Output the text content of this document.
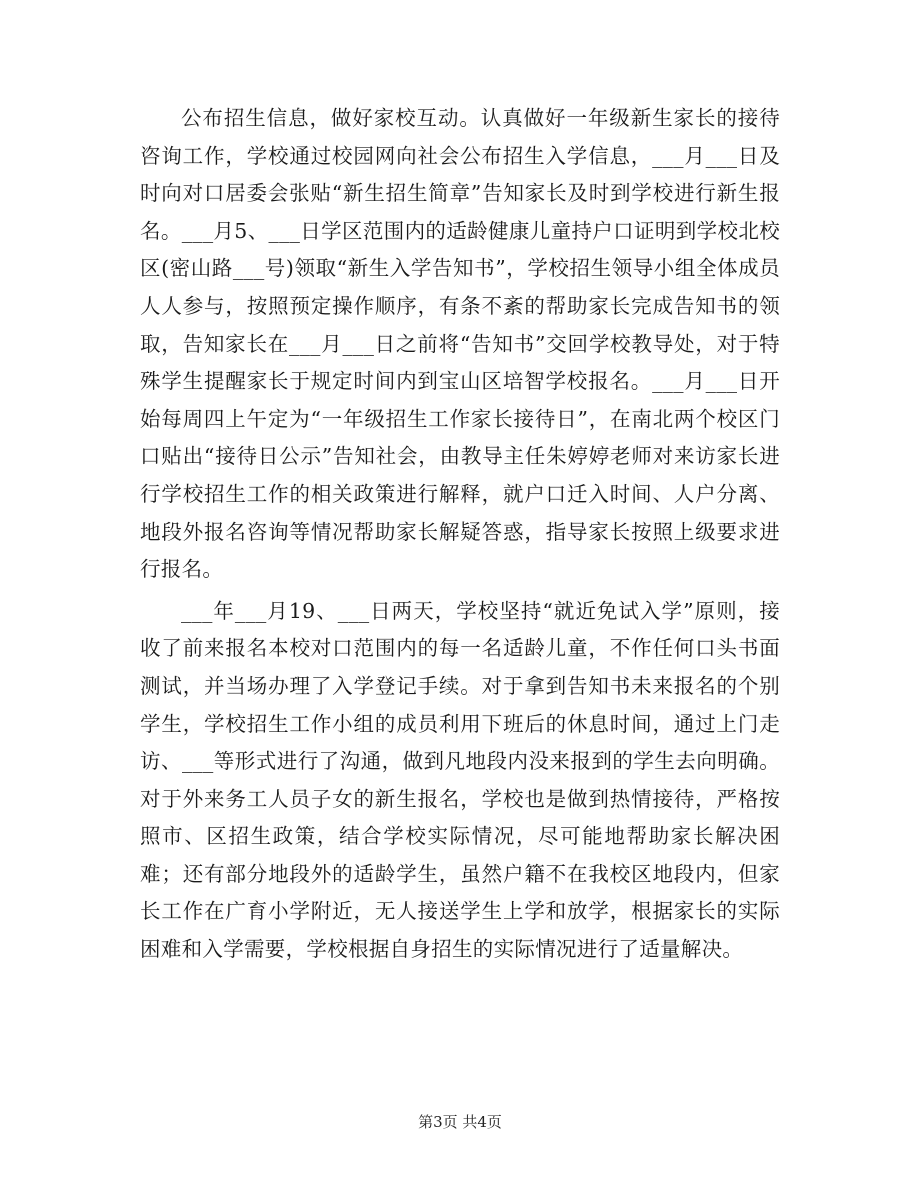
公布招生信息，做好家校互动。认真做好一年级新生家长的接待咨询工作，学校通过校园网向社会公布招生入学信息，___月___日及时向对口居委会张贴“新生招生简章”告知家长及时到学校进行新生报名。___月5、___日学区范围内的适龄健康儿童持户口证明到学校北校区(密山路___号)领取“新生入学告知书”，学校招生领导小组全体成员人人参与，按照预定操作顺序，有条不紊的帮助家长完成告知书的领取，告知家长在___月___日之前将“告知书”交回学校教导处，对于特殊学生提醒家长于规定时间内到宝山区培智学校报名。___月___日开始每周四上午定为“一年级招生工作家长接待日”，在南北两个校区门口贴出“接待日公示”告知社会，由教导主任朱婷婷老师对来访家长进行学校招生工作的相关政策进行解释，就户口迁入时间、人户分离、地段外报名咨询等情况帮助家长解疑答惑，指导家长按照上级要求进行报名。

___年___月19、___日两天，学校坚持“就近免试入学”原则，接收了前来报名本校对口范围内的每一名适龄儿童，不作任何口头书面测试，并当场办理了入学登记手续。对于拿到告知书未来报名的个别学生，学校招生工作小组的成员利用下班后的休息时间，通过上门走访、___等形式进行了沟通，做到凡地段内没来报到的学生去向明确。对于外来务工人员子女的新生报名，学校也是做到热情接待，严格按照市、区招生政策，结合学校实际情况，尽可能地帮助家长解决困难；还有部分地段外的适龄学生，虽然户籍不在我校区地段内，但家长工作在广育小学附近，无人接送学生上学和放学，根据家长的实际困难和入学需要，学校根据自身招生的实际情况进行了适量解决。

第3页 共4页
